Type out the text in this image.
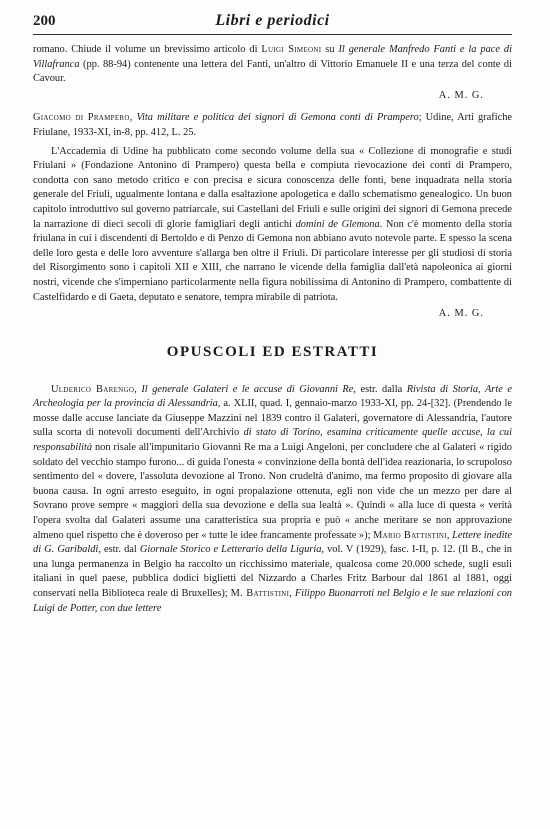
200	Libri e periodici

romano. Chiude il volume un brevissimo articolo di Luigi Simeoni su Il generale Manfredo Fanti e la pace di Villafranca (pp. 88-94) contenente una lettera del Fanti, un'altro di Vittorio Emanuele II e una terza del conte di Cavour.

A. M. G.

Giacomo di Prampero, Vita militare e politica dei signori di Gemona conti di Prampero; Udine, Arti grafiche Friulane, 1933-XI, in-8, pp. 412, L. 25.

L'Accademia di Udine ha pubblicato come secondo volume della sua « Collezione di monografie e studi Friulani » (Fondazione Antonino di Prampero) questa bella e compiuta rievocazione dei conti di Prampero, condotta con sano metodo critico e con precisa e sicura conoscenza delle fonti, bene inquadrata nella storia generale del Friuli, ugualmente lontana e dalla esaltazione apologetica e dallo schematismo genealogico. Un buon capitolo introduttivo sul governo patriarcale, sui Castellani del Friuli e sulle origini dei signori di Gemona precede la narrazione di dieci secoli di glorie famigliari degli antichi domini de Glemona. Non c'è momento della storia friulana in cui i discendenti di Bertoldo e di Penzo di Gemona non abbiano avuto notevole parte. E spesso la scena delle loro gesta e delle loro avventure s'allarga ben oltre il Friuli. Di particolare interesse per gli studiosi di storia del Risorgimento sono i capitoli XII e XIII, che narrano le vicende della famiglia dall'età napoleonica ai giorni nostri, vicende che s'imperniano particolarmente nella figura nobilissima di Antonino di Prampero, combattente di Castelfidardo e di Gaeta, deputato e senatore, tempra mirabile di patriota.

A. M. G.

OPUSCOLI ED ESTRATTI

Ulderico Barengo, Il generale Galateri e le accuse di Giovanni Re, estr. dalla Rivista di Storia, Arte e Archeologia per la provincia di Alessandria, a. XLII, quad. I, gennaio-marzo 1933-XI, pp. 24-[32]. (Prendendo le mosse dalle accuse lanciate da Giuseppe Mazzini nel 1839 contro il Galateri, governatore di Alessandria, l'autore sulla scorta di notevoli documenti dell'Archivio di stato di Torino, esamina criticamente quelle accuse, la cui responsabilità non risale all'impunitario Giovanni Re ma a Luigi Angeloni, per concludere che al Galateri « rigido soldato del vecchio stampo furono... di guida l'onesta « convinzione della bontà dell'idea reazionaria, lo scrupoloso sentimento del « dovere, l'assoluta devozione al Trono. Non crudeltà d'animo, ma fermo proposito di giovare alla buona causa. In ogni arresto eseguito, in ogni propalazione ottenuta, egli non vide che un mezzo per dare al Sovrano prove sempre « maggiori della sua devozione e della sua lealtà ». Quindi « alla luce di questa « verità l'opera svolta dal Galateri assume una caratteristica sua propria e può « anche meritare se non approvazione almeno quel rispetto che è doveroso per « tutte le idee francamente professate »); Mario Battistini, Lettere inedite di G. Garibaldi, estr. dal Giornale Storico e Letterario della Liguria, vol. V (1929), fasc. I-II, p. 12. (Il B., che in una lunga permanenza in Belgio ha raccolto un ricchissimo materiale, qualcosa come 20.000 schede, sugli esuli italiani in quel paese, pubblica dodici biglietti del Nizzardo a Charles Fritz Barbour dal 1861 al 1881, oggi conservati nella Biblioteca reale di Bruxelles); M. Battistini, Filippo Buonarroti nel Belgio e le sue relazioni con Luigi de Potter, con due lettere
